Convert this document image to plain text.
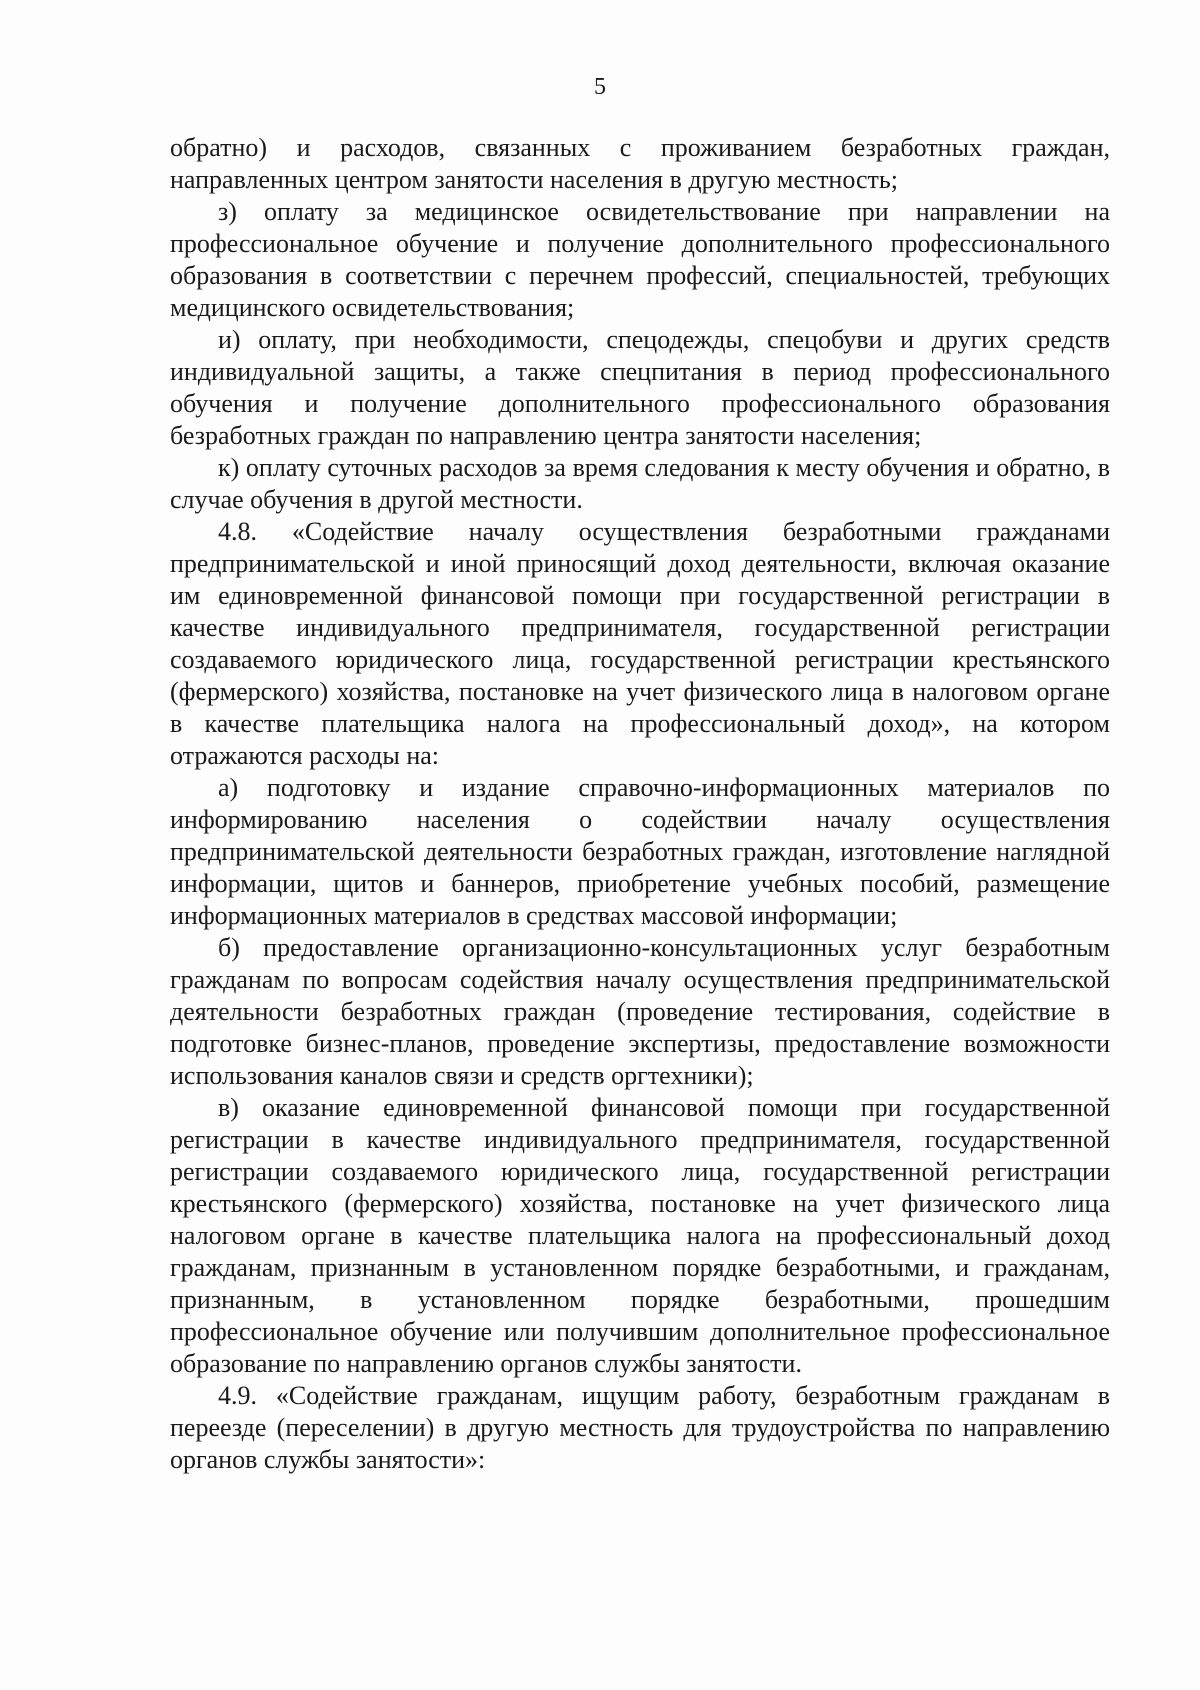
5

обратно) и расходов, связанных с проживанием безработных граждан, направленных центром занятости населения в другую местность;

з) оплату за медицинское освидетельствование при направлении на профессиональное обучение и получение дополнительного профессионального образования в соответствии с перечнем профессий, специальностей, требующих медицинского освидетельствования;

и) оплату, при необходимости, спецодежды, спецобуви и других средств индивидуальной защиты, а также спецпитания в период профессионального обучения и получение дополнительного профессионального образования безработных граждан по направлению центра занятости населения;

к) оплату суточных расходов за время следования к месту обучения и обратно, в случае обучения в другой местности.

4.8. «Содействие началу осуществления безработными гражданами предпринимательской и иной приносящий доход деятельности, включая оказание им единовременной финансовой помощи при государственной регистрации в качестве индивидуального предпринимателя, государственной регистрации создаваемого юридического лица, государственной регистрации крестьянского (фермерского) хозяйства, постановке на учет физического лица в налоговом органе в качестве плательщика налога на профессиональный доход», на котором отражаются расходы на:

а) подготовку и издание справочно-информационных материалов по информированию населения о содействии началу осуществления предпринимательской деятельности безработных граждан, изготовление наглядной информации, щитов и баннеров, приобретение учебных пособий, размещение информационных материалов в средствах массовой информации;

б) предоставление организационно-консультационных услуг безработным гражданам по вопросам содействия началу осуществления предпринимательской деятельности безработных граждан (проведение тестирования, содействие в подготовке бизнес-планов, проведение экспертизы, предоставление возможности использования каналов связи и средств оргтехники);

в) оказание единовременной финансовой помощи при государственной регистрации в качестве индивидуального предпринимателя, государственной регистрации создаваемого юридического лица, государственной регистрации крестьянского (фермерского) хозяйства, постановке на учет физического лица налоговом органе в качестве плательщика налога на профессиональный доход гражданам, признанным в установленном порядке безработными, и гражданам, признанным, в установленном порядке безработными, прошедшим профессиональное обучение или получившим дополнительное профессиональное образование по направлению органов службы занятости.

4.9. «Содействие гражданам, ищущим работу, безработным гражданам в переезде (переселении) в другую местность для трудоустройства по направлению органов службы занятости»:
